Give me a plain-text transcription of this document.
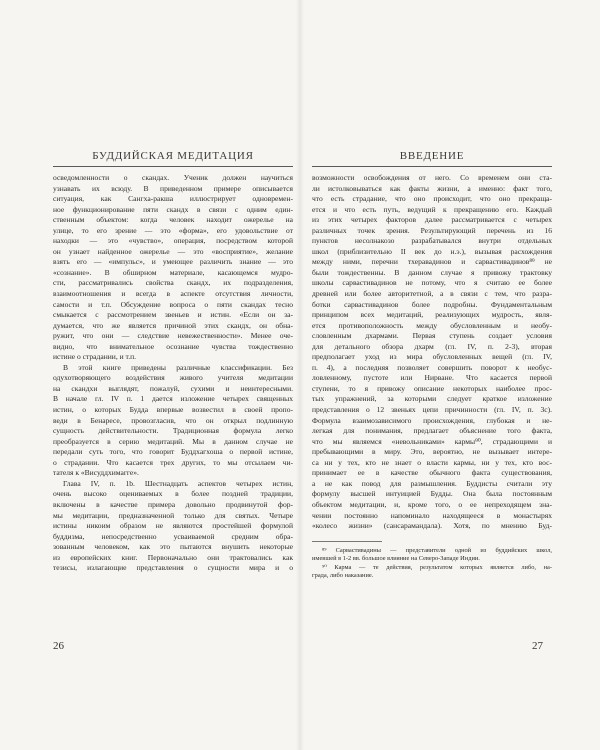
БУДДИЙСКАЯ МЕДИТАЦИЯ
осведомленности о скандах. Ученик должен научиться
узнавать их всюду. В приведенном примере описывается
ситуация, как Сангха-ракшa иллюстрирует одновремен-
ное функционирование пяти скандх в связи с одним един-
ственным объектом: когда человек находит ожерелье на
улице, то его зрение — это «форма», его удовольствие от
находки — это «чувство», операция, посредством которой
он узнает найденное ожерелье — это «восприятие», желание
взять его — «импульс», и умеющее различить знание — это
«сознание». В обширном материале, касающемся мудро-
сти, рассматривались свойства скандх, их подразделения,
взаимоотношения и всегда в аспекте отсутствия личности,
самости и т.п. Обсуждение вопроса о пяти скандах тесно
смыкается с рассмотрением звеньев и истин. «Если он за-
думается, что же является причиной этих скандх, он обна-
ружит, что они — следствие невежественности». Менее оче-
видно, что внимательное осознание чувства тождественно
истине о страдании, и т.п.
В этой книге приведены различные классификации. Без
одухотворяющего воздействия живого учителя медитации
на скандхи выглядят, пожалуй, сухими и неинтересными.
В начале гл. IV п. 1 дается изложение четырех священных
истин, о которых Будда впервые возвестил в своей пропо-
веди в Бенаресе, провозгласив, что он открыл подлинную
сущность действительности. Традиционная формула легко
преобразуется в серию медитаций. Мы в данном случае не
передали суть того, что говорит Буддхагхоша о первой истине,
о страдании. Что касается трех других, то мы отсылаем чи-
тателя к «Висуддхимагге».
Глава IV, п. 1b. Шестнадцать аспектов четырех истин,
очень высоко оцениваемых в более поздней традиции,
включены в качестве примера довольно продвинутой фор-
мы медитации, предназначенной только для святых. Четыре
истины никоим образом не являются простейшей формулой
буддизма, непосредственно усваиваемой средним обра-
зованным человеком, как это пытаются внушить некоторые
из европейских книг. Первоначально они трактовались как
тезисы, излагающие представления о сущности мира и о
ВВЕДЕНИЕ
возможности освобождения от него. Со временем они ста-
ли истолковываться как факты жизни, а именно: факт того,
что есть страдание, что оно происходит, что оно прекраща-
ется и что есть путь, ведущий к прекращению его. Каждый
из этих четырех факторов далее рассматривается с четырех
различных точек зрения. Результирующий перечень из 16
пунктов несолнакозо разрабатывался внутри отдельных
школ (приблизительно II век до н.э.), вызывая расхождения
между ними, перечни тхеравадинов и сарвастивадинов⁸⁹ не
были тождественны. В данном случае я привожу трактовку
школы сарвастивадинов не потому, что я считаю ее более
древней или более авторитетной, а в связи с тем, что разра-
ботки сарвастивадинов более подробны. Фундаментальным
принципом всех медитаций, реализующих мудрость, явля-
ется противоположность между обусловленным и необу-
словленным дхармами. Первая ступень создает условия
для детального обзора дхарм (гл. IV, п. 2-3), вторая
предполагает уход из мира обусловленных вещей (гл. IV,
п. 4), а последняя позволяет совершить поворот к необус-
ловленному, пустоте или Нирване. Что касается первой
ступени, то я привожу описание некоторых наиболее прос-
тых упражнений, за которыми следует краткое изложение
представления о 12 звеньях цепи причинности (гл. IV, п. 3с).
Формула взаимозависимого происхождения, глубокая и не-
легкая для понимания, предлагает объяснение того факта,
что мы являемся «невольниками» кармы⁹⁰, страдающими и
пребывающими в миру. Это, вероятно, не вызывает интере-
са ни у тех, кто не знает о власти кармы, ни у тех, кто вос-
принимает ее в качестве обычного факта существования,
а не как повод для размышления. Буддисты считали эту
формулу высшей интуицией Будды. Она была постоянным
объектом медитации, и, кроме того, о ее непреходящем зна-
чении постоянно напоминало находящееся в монастырях
«колесо жизни» (сансарамандала). Хотя, по мнению Буд-
⁸⁹ Сарвастивадины — представители одной из буддийских школ,
имевшей в 1-2 вв. большое влияние на Северо-Западе Индии.
⁹⁰ Карма — те действия, результатом которых является либо, на-
града, либо наказание.
26	27
